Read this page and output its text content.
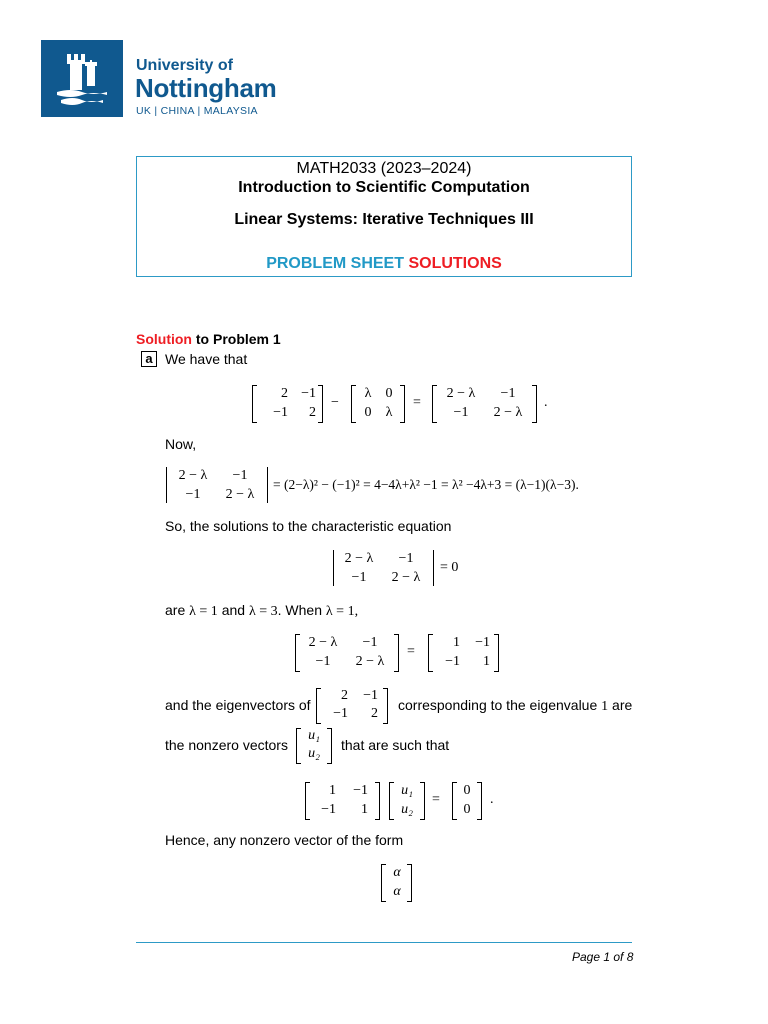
University of
Nottingham
UK | CHINA | MALAYSIA
MATH2033 (2023–2024)
Introduction to Scientific Computation
Linear Systems: Iterative Techniques III
PROBLEM SHEET SOLUTIONS
Solution to Problem 1
a We have that
2 −1
−1	2
−
λ 0
0 λ
=
2 − λ	−1
−1	2 − λ
.
Now,
2 − λ	−1
−1	2 − λ
= (2−λ)² − (−1)² = 4−4λ+λ² −1 = λ² −4λ+3 = (λ−1)(λ−3).
So, the solutions to the characteristic equation
2 − λ	−1
−1	2 − λ
= 0
are λ = 1 and λ = 3. When λ = 1,
2 − λ	−1
−1	2 − λ
=
1	−1
−1	1
and the eigenvectors of
2	−1
−1	2
corresponding to the eigenvalue 1 are
the nonzero vectors
u₁
u₂
that are such that
1	−1
−1	1
u₁
u₂
=
0
0
.
Hence, any nonzero vector of the form
α
α
Page 1 of 8
